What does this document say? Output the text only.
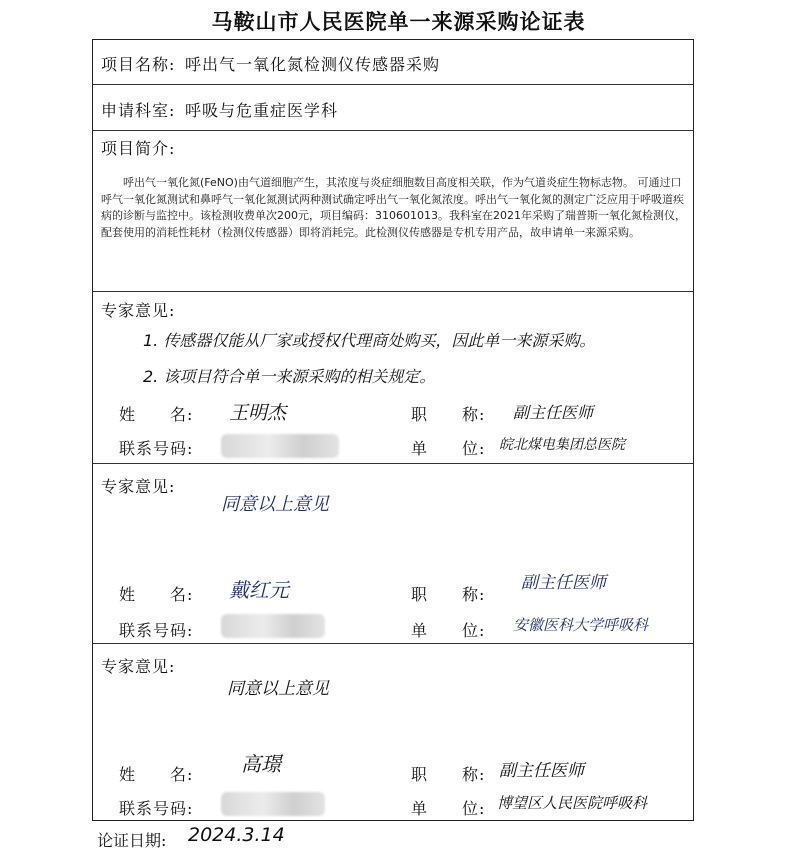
马鞍山市人民医院单一来源采购论证表
项目名称: 呼出气一氧化氮检测仪传感器采购
申请科室: 呼吸与危重症医学科
项目简介:
呼出气一氧化氮(FeNO)由气道细胞产生，其浓度与炎症细胞数目高度相关联，作为气道炎症生物标志物。 可通过口呼气一氧化氮测试和鼻呼气一氧化氮测试两种测试确定呼出气一氧化氮浓度。呼出气一氧化氮的测定广泛应用于呼吸道疾病的诊断与监控中。该检测收费单次200元，项目编码：310601013。我科室在2021年采购了瑞普斯一氧化氮检测仪，配套使用的消耗性耗材（检测仪传感器）即将消耗完。此检测仪传感器是专机专用产品，故申请单一来源采购。
专家意见:
1. 传感器仅能从厂家或授权代理商处购买，因此单一来源采购。
2. 该项目符合单一来源采购的相关规定。
姓　　名: 王明杰	职　　称: 副主任医师
联系号码:	单　　位: 皖北煤电集团总医院
专家意见:
同意以上意见
姓　　名: 戴红元	职　　称:
副主任医师
联系号码:	单　　位: 安徽医科大学呼吸科
专家意见:
同意以上意见
姓　　名: 高璟	职　　称: 副主任医师
联系号码:	单　　位: 博望区人民医院呼吸科
论证日期: 2024.3.14
